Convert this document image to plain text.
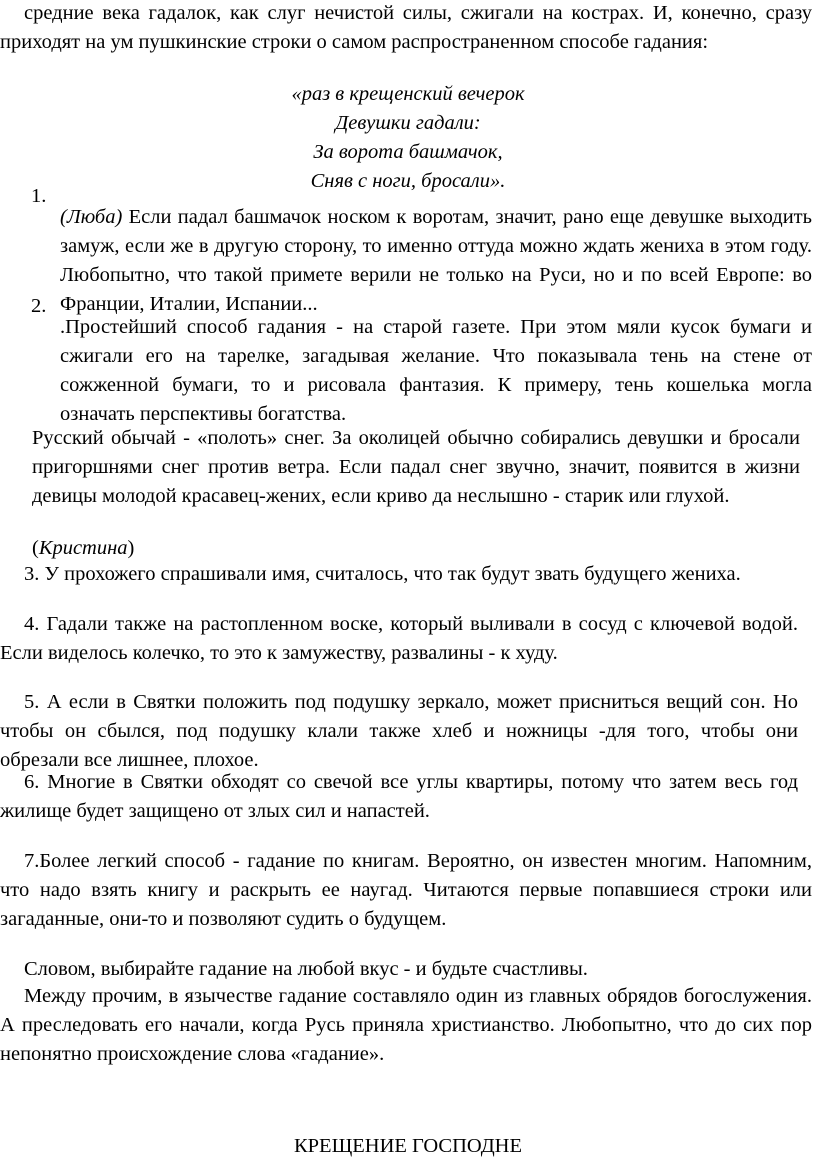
средние века гадалок, как слуг нечистой силы, сжигали на кострах. И, конечно, сразу приходят на ум пушкинские строки о самом распространенном способе гадания:

«раз в крещенский вечерок
Девушки гадали:
За ворота башмачок,
Сняв с ноги, бросали».
1.

(Люба) Если падал башмачок носком к воротам, значит, рано еще девушке выходить замуж, если же в другую сторону, то именно оттуда можно ждать жениха в этом году. Любопытно, что такой примете верили не только на Руси, но и по всей Европе: во Франции, Италии, Испании...

2.

.Простейший способ гадания - на старой газете. При этом мяли кусок бумаги и сжигали его на тарелке, загадывая желание. Что показывала тень на стене от сожженной бумаги, то и рисовала фантазия. К примеру, тень кошелька могла означать перспективы богатства.

Русский обычай - «полоть» снег. За околицей обычно собирались девушки и бросали пригоршнями снег против ветра. Если падал снег звучно, значит, появится в жизни девицы молодой красавец-жених, если криво да неслышно - старик или глухой.

(Кристина)

3. У прохожего спрашивали имя, считалось, что так будут звать будущего жениха.

4. Гадали также на растопленном воске, который выливали в сосуд с ключевой водой. Если виделось колечко, то это к замужеству, развалины - к худу.

5. А если в Святки положить под подушку зеркало, может присниться вещий сон. Но чтобы он сбылся, под подушку клали также хлеб и ножницы -для того, чтобы они обрезали все лишнее, плохое.

6. Многие в Святки обходят со свечой все углы квартиры, потому что затем весь год жилище будет защищено от злых сил и напастей.

7.Более легкий способ - гадание по книгам. Вероятно, он известен многим. Напомним, что надо взять книгу и раскрыть ее наугад. Читаются первые попавшиеся строки или загаданные, они-то и позволяют судить о будущем.

Словом, выбирайте гадание на любой вкус - и будьте счастливы.

Между прочим, в язычестве гадание составляло один из главных обрядов богослужения. А преследовать его начали, когда Русь приняла христианство. Любопытно, что до сих пор непонятно происхождение слова «гадание».

КРЕЩЕНИЕ ГОСПОДНЕ
